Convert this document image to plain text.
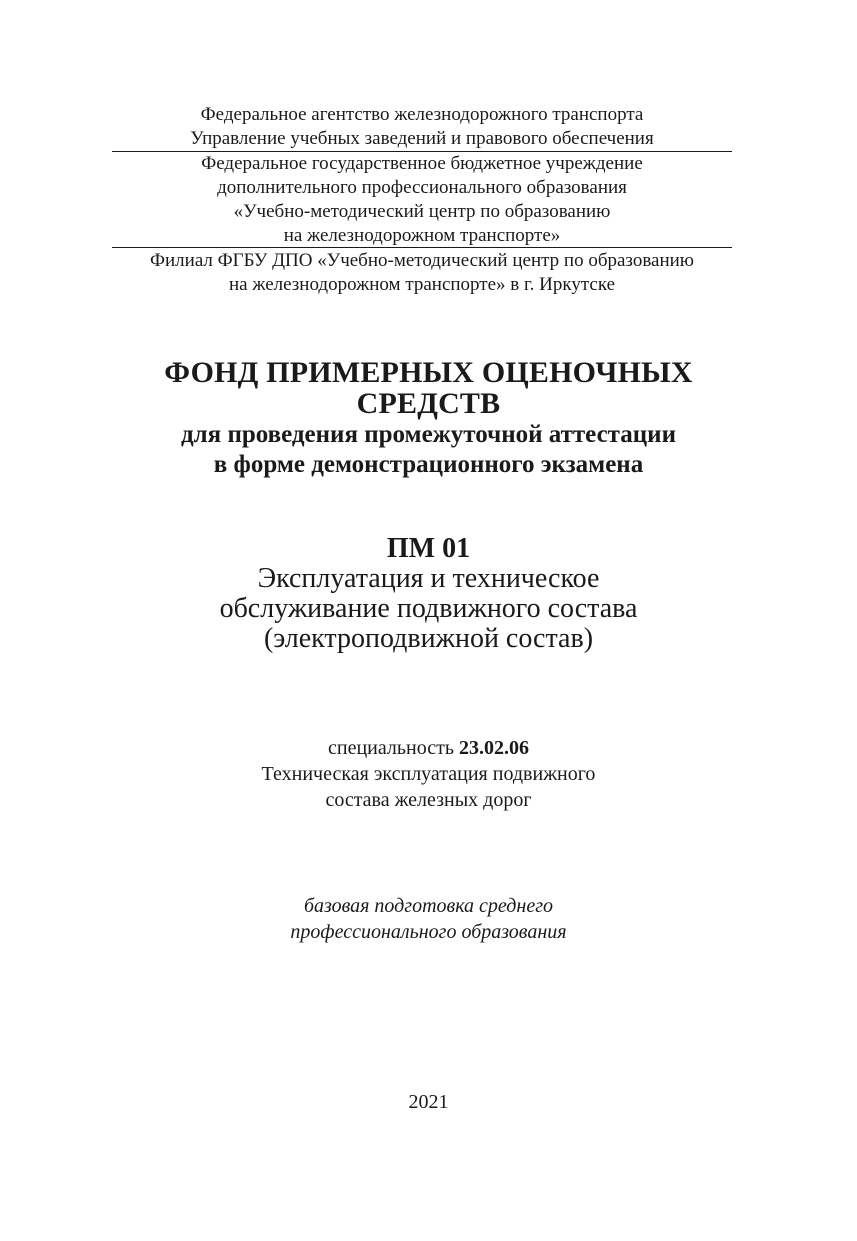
Федеральное агентство железнодорожного транспорта
Управление учебных заведений и правового обеспечения
Федеральное государственное бюджетное учреждение
дополнительного профессионального образования
«Учебно-методический центр по образованию
на железнодорожном транспорте»
Филиал ФГБУ ДПО «Учебно-методический центр по образованию
на железнодорожном транспорте» в г. Иркутске
ФОНД ПРИМЕРНЫХ ОЦЕНОЧНЫХ
СРЕДСТВ
для проведения промежуточной аттестации
в форме демонстрационного экзамена
ПМ 01
Эксплуатация и техническое
обслуживание подвижного состава
(электроподвижной состав)
специальность 23.02.06
Техническая эксплуатация подвижного
состава железных дорог
базовая подготовка среднего
профессионального образования
2021
